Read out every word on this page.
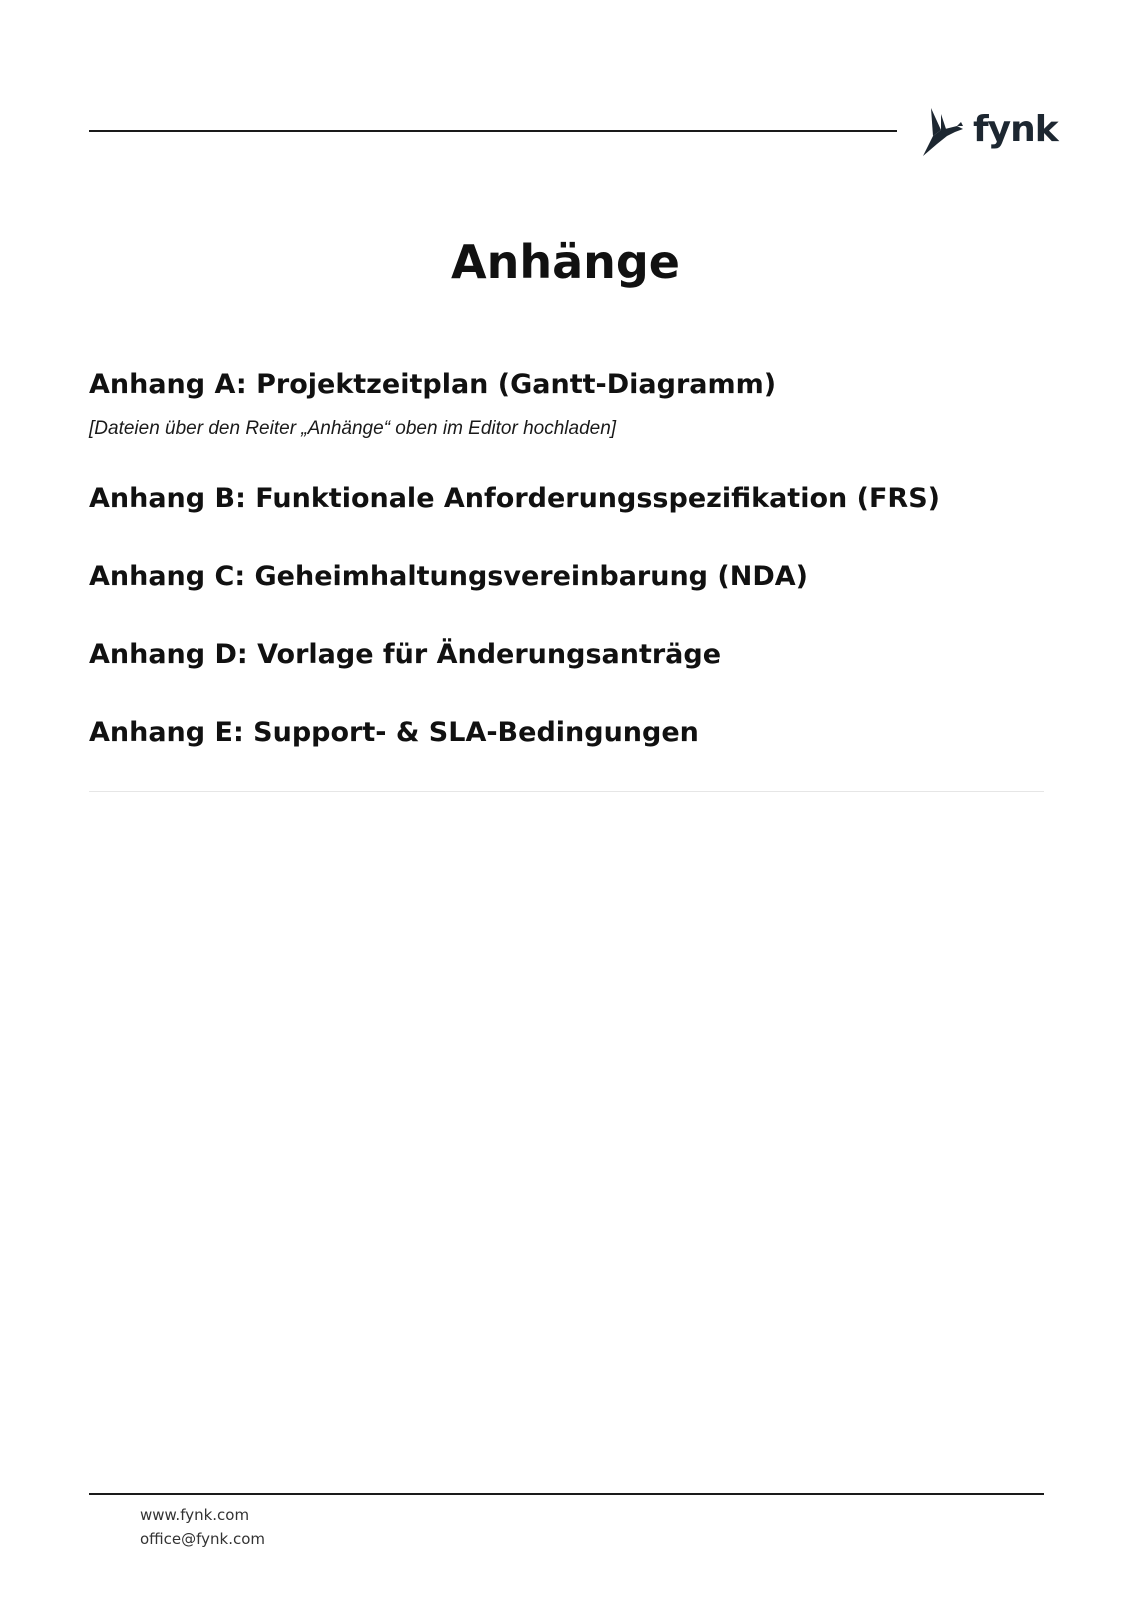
fynk
Anhänge
Anhang A: Projektzeitplan (Gantt-Diagramm)
[Dateien über den Reiter „Anhänge“ oben im Editor hochladen]
Anhang B: Funktionale Anforderungsspezifikation (FRS)
Anhang C: Geheimhaltungsvereinbarung (NDA)
Anhang D: Vorlage für Änderungsanträge
Anhang E: Support- & SLA-Bedingungen
www.fynk.com
office@fynk.com
